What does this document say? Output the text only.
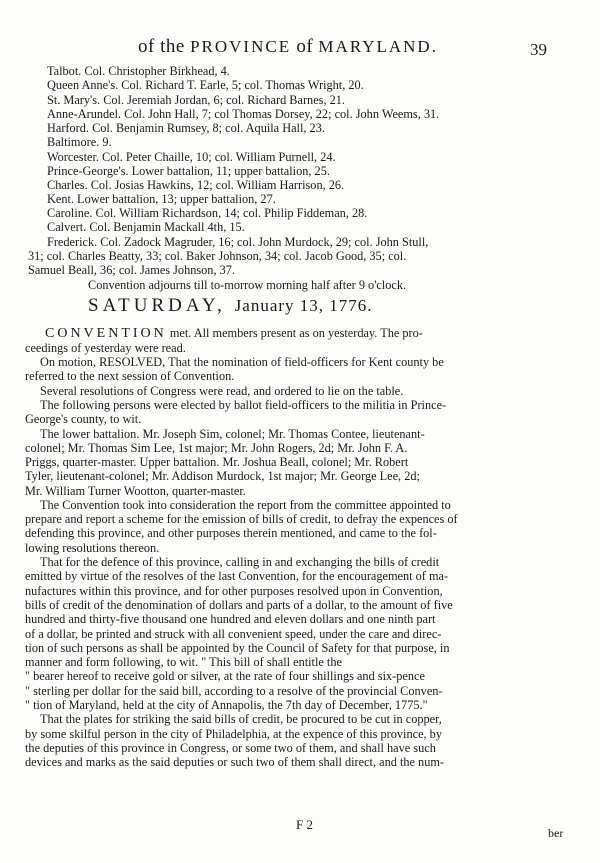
of the PROVINCE of MARYLAND.	39
Talbot. Col. Christopher Birkhead, 4.
Queen Anne's. Col. Richard T. Earle, 5; col. Thomas Wright, 20.
St. Mary's. Col. Jeremiah Jordan, 6; col. Richard Barnes, 21.
Anne-Arundel. Col. John Hall, 7; col Thomas Dorsey, 22; col. John Weems, 31.
Harford. Col. Benjamin Rumsey, 8; col. Aquila Hall, 23.
Baltimore. 9.
Worcester. Col. Peter Chaille, 10; col. William Purnell, 24.
Prince-George's. Lower battalion, 11; upper battalion, 25.
Charles. Col. Josias Hawkins, 12; col. William Harrison, 26.
Kent. Lower battalion, 13; upper battalion, 27.
Caroline. Col. William Richardson, 14; col. Philip Fiddeman, 28.
Calvert. Col. Benjamin Mackall 4th, 15.
Frederick. Col. Zadock Magruder, 16; col. John Murdock, 29; col. John Stull,
31; col. Charles Beatty, 33; col. Baker Johnson, 34; col. Jacob Good, 35; col.
Samuel Beall, 36; col. James Johnson, 37.
Convention adjourns till to-morrow morning half after 9 o'clock.
SATURDAY, January 13, 1776.
CONVENTION met. All members present as on yesterday. The pro-
ceedings of yesterday were read.
On motion, RESOLVED, That the nomination of field-officers for Kent county be
referred to the next session of Convention.
Several resolutions of Congress were read, and ordered to lie on the table.
The following persons were elected by ballot field-officers to the militia in Prince-
George's county, to wit.
The lower battalion. Mr. Joseph Sim, colonel; Mr. Thomas Contee, lieutenant-
colonel; Mr. Thomas Sim Lee, 1st major; Mr. John Rogers, 2d; Mr. John F. A.
Priggs, quarter-master. Upper battalion. Mr. Joshua Beall, colonel; Mr. Robert
Tyler, lieutenant-colonel; Mr. Addison Murdock, 1st major; Mr. George Lee, 2d;
Mr. William Turner Wootton, quarter-master.
The Convention took into consideration the report from the committee appointed to
prepare and report a scheme for the emission of bills of credit, to defray the expences of
defending this province, and other purposes therein mentioned, and came to the fol-
lowing resolutions thereon.
That for the defence of this province, calling in and exchanging the bills of credit
emitted by virtue of the resolves of the last Convention, for the encouragement of ma-
nufactures within this province, and for other purposes resolved upon in Convention,
bills of credit of the denomination of dollars and parts of a dollar, to the amount of five
hundred and thirty-five thousand one hundred and eleven dollars and one ninth part
of a dollar, be printed and struck with all convenient speed, under the care and direc-
tion of such persons as shall be appointed by the Council of Safety for that purpose, in
manner and form following, to wit. " This bill of shall entitle the
" bearer hereof to receive gold or silver, at the rate of four shillings and six-pence
" sterling per dollar for the said bill, according to a resolve of the provincial Conven-
" tion of Maryland, held at the city of Annapolis, the 7th day of December, 1775."
That the plates for striking the said bills of credit, be procured to be cut in copper,
by some skilful person in the city of Philadelphia, at the expence of this province, by
the deputies of this province in Congress, or some two of them, and shall have such
devices and marks as the said deputies or such two of them shall direct, and the num-
F 2
ber
